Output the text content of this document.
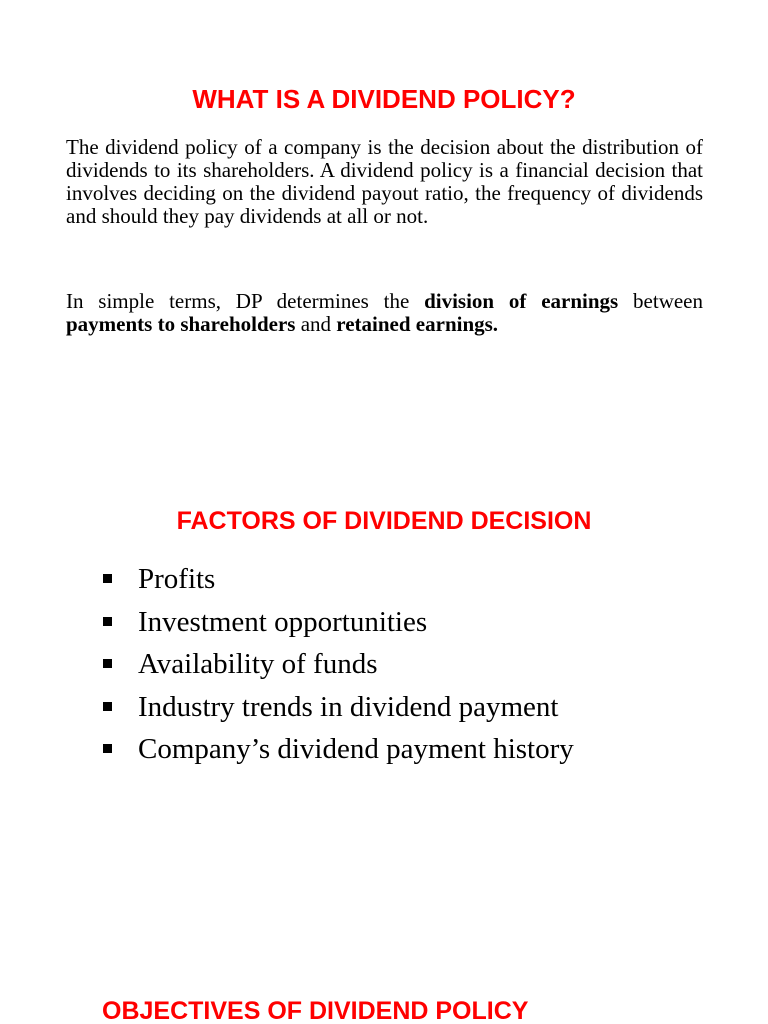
WHAT IS A DIVIDEND POLICY?

The dividend policy of a company is the decision about the distribution of dividends to its shareholders. A dividend policy is a financial decision that involves deciding on the dividend payout ratio, the frequency of dividends and should they pay dividends at all or not.

In simple terms, DP determines the division of earnings between payments to shareholders and retained earnings.

FACTORS OF DIVIDEND DECISION
Profits
Investment opportunities
Availability of funds
Industry trends in dividend payment
Company’s dividend payment history
OBJECTIVES OF DIVIDEND POLICY
